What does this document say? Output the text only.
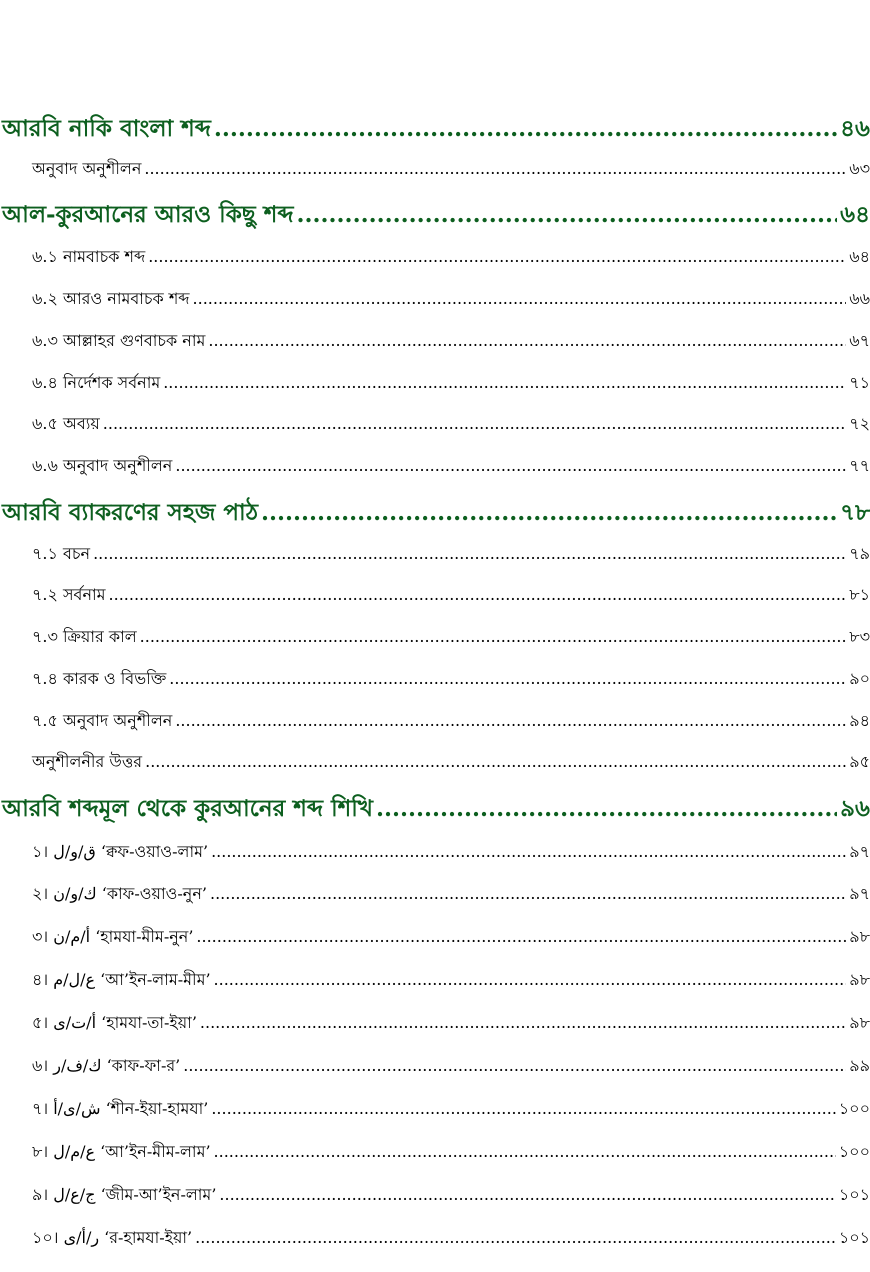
আরবি নাকি বাংলা শব্দ .....	৪৬
অনুবাদ অনুশীলন .....	৬৩
আল-কুরআনের আরও কিছু শব্দ .....	৬৪
৬.১ নামবাচক শব্দ .....	৬৪
৬.২ আরও নামবাচক শব্দ .....	৬৬
৬.৩ আল্লাহর গুণবাচক নাম .....	৬৭
৬.৪ নির্দেশক সর্বনাম .....	৭১
৬.৫ অব্যয় .....	৭২
৬.৬ অনুবাদ অনুশীলন .....	৭৭
আরবি ব্যাকরণের সহজ পাঠ .....	৭৮
৭.১ বচন .....	৭৯
৭.২ সর্বনাম .....	৮১
৭.৩ ক্রিয়ার কাল .....	৮৩
৭.৪ কারক ও বিভক্তি .....	৯০
৭.৫ অনুবাদ অনুশীলন .....	৯৪
অনুশীলনীর উত্তর .....	৯৫
আরবি শব্দমূল থেকে কুরআনের শব্দ শিখি .....	৯৬
১। ق/و/ل ‘ক্বফ-ওয়াও-লাম’ .....	৯৭
২। ك/و/ن ‘কাফ-ওয়াও-নুন’ .....	৯৭
৩। أ/م/ن ‘হামযা-মীম-নুন’ .....	৯৮
৪। ع/ل/م ‘আ’ইন-লাম-মীম’ .....	৯৮
৫। أ/ت/ى ‘হামযা-তা-ইয়া’ .....	৯৮
৬। ك/ف/ر ‘কাফ-ফা-র’ .....	৯৯
৭। ش/ى/أ ‘শীন-ইয়া-হামযা’ .....	১০০
৮। ع/م/ل ‘আ’ইন-মীম-লাম’ .....	১০০
৯। ج/ع/ل ‘জীম-আ’ইন-লাম’ .....	১০১
১০। ر/أ/ى ‘র-হামযা-ইয়া’ .....	১০১
